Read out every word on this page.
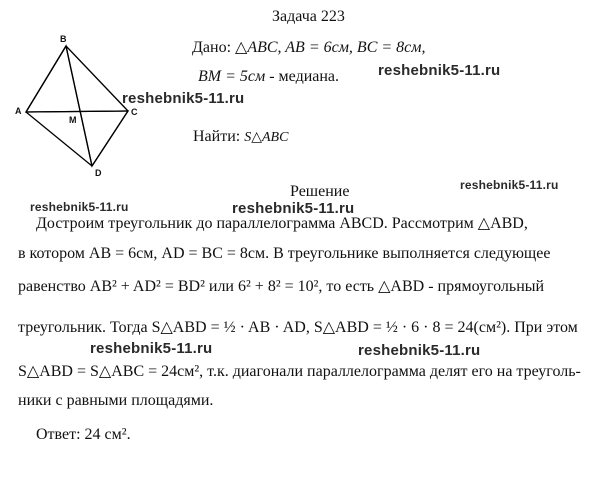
Задача 223
B
A	C
M
D
Дано: △ABC, AB = 6см, BC = 8см,
BM = 5см - медиана.
Найти: S△ABC
Решение
Достроим треугольник до параллелограмма ABCD. Рассмотрим △ABD,
в котором AB = 6см, AD = BC = 8см. В треугольнике выполняется следующее
равенство AB² + AD² = BD² или 6² + 8² = 10², то есть △ABD - прямоугольный
треугольник. Тогда S△ABD = ½ · AB · AD, S△ABD = ½ · 6 · 8 = 24(см²). При этом
S△ABD = S△ABC = 24см², т.к. диагонали параллелограмма делят его на треуголь-
ники с равными площадями.
Ответ: 24 см².
reshebnik5-11.ru
reshebnik5-11.ru
reshebnik5-11.ru
reshebnik5-11.ru	reshebnik5-11.ru
reshebnik5-11.ru	reshebnik5-11.ru
